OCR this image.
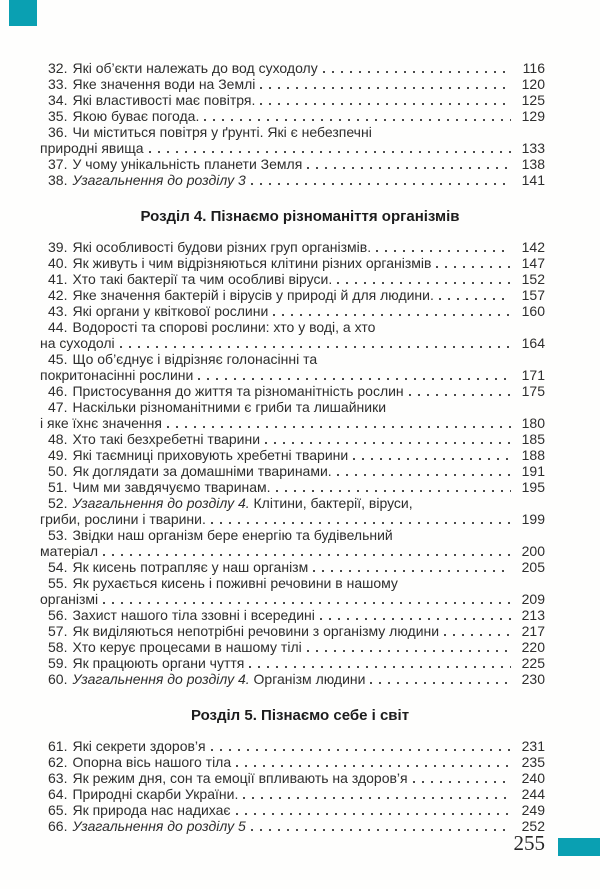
32. Які об’єкти належать до вод суходолу	116
33. Яке значення води на Землі	120
34. Які властивості має повітря.	125
35. Якою буває погода.	129
36. Чи міститься повітря у ґрунті. Які є небезпечні
природні явища	133
37. У чому унікальність планети Земля	138
38. Узагальнення до розділу 3	141
Розділ 4. Пізнаємо різноманіття організмів
39. Які особливості будови різних груп організмів.	142
40. Як живуть і чим відрізняються клітини різних організмів	147
41. Хто такі бактерії та чим особливі віруси.	152
42. Яке значення бактерій і вірусів у природі й для людини.	157
43. Які органи у квіткової рослини	160
44. Водорості та спорові рослини: хто у воді, а хто
на суходолі	164
45. Що об’єднує і відрізняє голонасінні та
покритонасінні рослини	171
46. Пристосування до життя та різноманітність рослин	175
47. Наскільки різноманітними є гриби та лишайники
і яке їхнє значення	180
48. Хто такі безхребетні тварини	185
49. Які таємниці приховують хребетні тварини	188
50. Як доглядати за домашніми тваринами.	191
51. Чим ми завдячуємо тваринам.	195
52. Узагальнення до розділу 4. Клітини, бактерії, віруси,
гриби, рослини і тварини.	199
53. Звідки наш організм бере енергію та будівельний
матеріал	200
54. Як кисень потрапляє у наш організм	205
55. Як рухається кисень і поживні речовини в нашому
організмі	209
56. Захист нашого тіла ззовні і всередині	213
57. Як виділяються непотрібні речовини з організму людини	217
58. Хто керує процесами в нашому тілі	220
59. Як працюють органи чуття	225
60. Узагальнення до розділу 4. Організм людини	230
Розділ 5. Пізнаємо себе і світ
61. Які секрети здоров’я	231
62. Опорна вісь нашого тіла	235
63. Як режим дня, сон та емоції впливають на здоров’я	240
64. Природні скарби України.	244
65. Як природа нас надихає	249
66. Узагальнення до розділу 5	252
255
